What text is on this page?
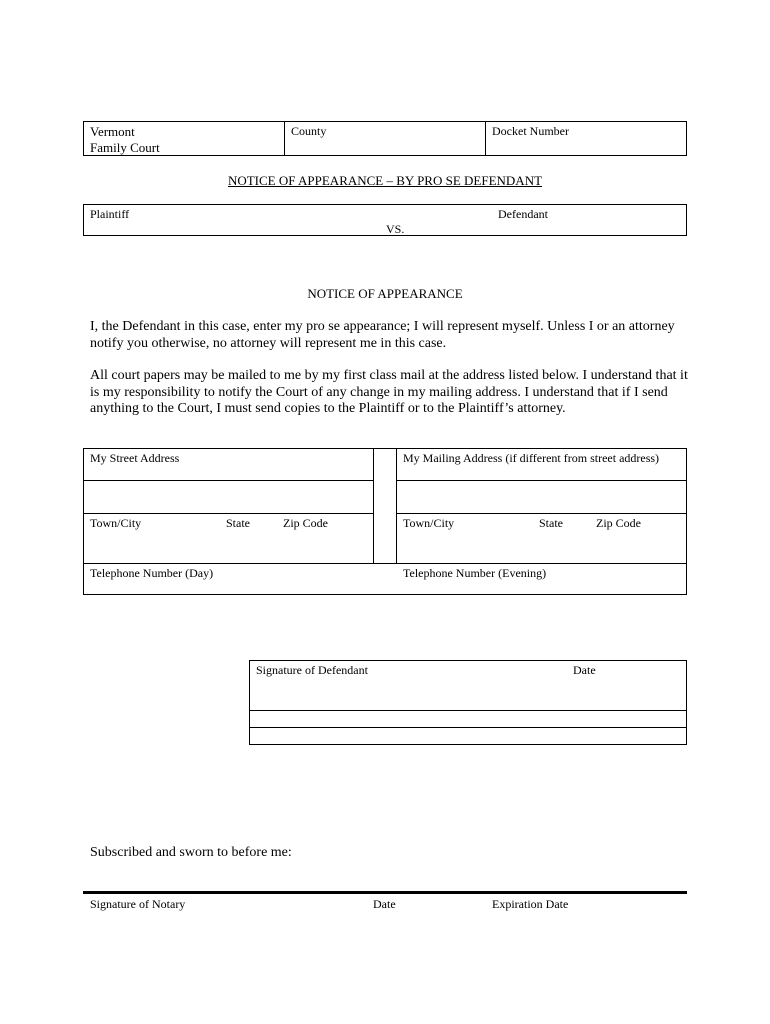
Vermont
Family Court
County	Docket Number
NOTICE OF APPEARANCE – BY PRO SE DEFENDANT
Plaintiff	Defendant
VS.
NOTICE OF APPEARANCE
I, the Defendant in this case, enter my pro se appearance; I will represent myself. Unless I or an attorney notify you otherwise, no attorney will represent me in this case.
All court papers may be mailed to me by my first class mail at the address listed below. I understand that it is my responsibility to notify the Court of any change in my mailing address. I understand that if I send anything to the Court, I must send copies to the Plaintiff or to the Plaintiff’s attorney.
My Street Address	My Mailing Address (if different from street address)
Town/City	State	Zip Code	Town/City	State	Zip Code
Telephone Number (Day)	Telephone Number (Evening)
Signature of Defendant	Date
Subscribed and sworn to before me:
Signature of Notary	Date	Expiration Date
